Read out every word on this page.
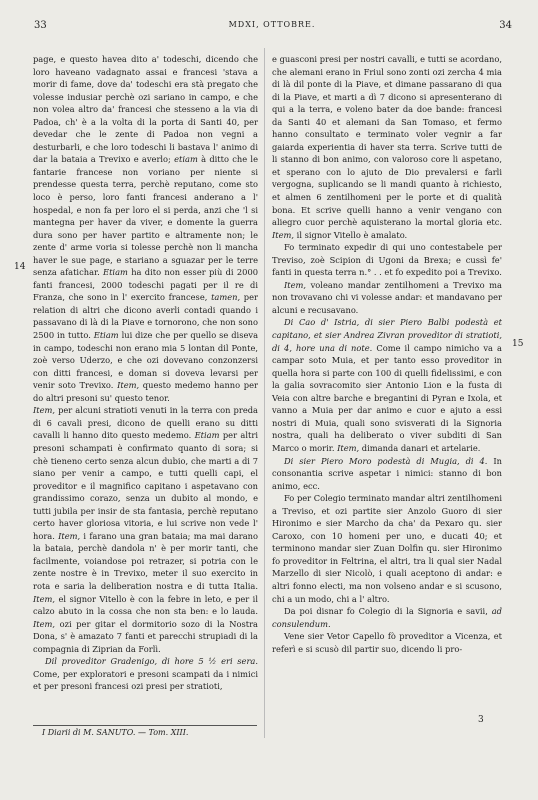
33	MDXI, OTTOBRE.	34
14
15

page, e questo havea dito a' todeschi, dicendo che loro haveano vadagnato assai e francesi 'stava a morir di fame, dove da' todeschi era stà pregato che volesse indusiar perchè ozi sariano in campo, e che non volea altro da' francesi che stesseno a la via di Padoa, ch' è a la volta di la porta di Santi 40, per devedar che le zente di Padoa non vegni a desturbarli, e che loro todeschi li bastava l' animo di dar la bataia a Trevixo e averlo; etiam à ditto che le fantarie francese non voriano per niente si prendesse questa terra, perchè reputano, come sto loco è perso, loro fanti francesi anderano a l' hospedal, e non fa per loro el si perda, anzi che 'l si mantegna per haver da viver, e domente la guerra dura sono per haver partito e altramente non; le zente d' arme voria si tolesse perchè non li mancha haver le sue page, e stariano a sguazar per le terre senza afatichar. Etiam ha dito non esser più di 2000 fanti francesi, 2000 todeschi pagati per il re di Franza, che sono in l' exercito francese, tamen, per relation di altri che dicono averli contadi quando i passavano di là di la Piave e tornorono, che non sono 2500 in tutto. Etiam lui dize che per quello se diseva in campo, todeschi non erano mia 5 lontan dil Ponte, zoè verso Uderzo, e che ozi dovevano conzonzersi con ditti francesi, e doman si doveva levarsi per venir soto Trevixo. Item, questo medemo hanno per do altri presoni su' questo tenor.

Item, per alcuni stratioti venuti in la terra con preda di 6 cavali presi, dicono de quelli erano su ditti cavalli li hanno dito questo medemo. Etiam per altri presoni schampati è confirmato quanto di sora; si chè tieneno certo senza alcun dubio, che marti a di 7 siano per venir a campo, e tutti quelli capi, el proveditor e il magnifico capitano i aspetavano con grandissimo corazo, senza un dubito al mondo, e tutti jubila per insir de sta fantasia, perchè reputano certo haver gloriosa vitoria, e lui scrive non vede l' hora. Item, i farano una gran bataia; ma mai darano la bataia, perchè dandola n' è per morir tanti, che facilmente, voiandose poi retrazer, si potria con le zente nostre è in Trevixo, meter il suo exercito in rota e saria la deliberation nostra e di tutta Italia. Item, el signor Vitello è con la febre in leto, e per il calzo abuto in la cossa che non sta ben: e lo lauda. Item, ozi per gitar el dormitorio sozo di la Nostra Dona, s' è amazato 7 fanti et parecchi strupiadi di la compagnia di Ziprian da Forlì.

Dil proveditor Gradenigo, di hore 5 ½ eri sera. Come, per exploratori e presoni scampati da i nimici et per presoni francesi ozi presi per stratioti,

e guasconi presi per nostri cavalli, e tutti se acordano, che alemani erano in Friul sono zonti ozi zercha 4 mia di là dil ponte di la Piave, et dimane passarano di qua di la Piave, et marti a dì 7 dicono si apresenterano di qui a la terra, e voleno bater da doe bande: francesi da Santi 40 et alemani da San Tomaso, et fermo hanno consultato e terminato voler vegnir a far gaiarda experientia di haver sta terra. Scrive tutti de li stanno di bon animo, con valoroso core li aspetano, et sperano con lo ajuto de Dio prevalersi e farli vergogna, suplicando se li mandi quanto à richiesto, et almen 6 zentilhomeni per le porte et di qualità bona. Et scrive quelli hanno a venir vengano con aliegro cuor perchè aquisterano la mortal gloria etc. Item, il signor Vitello è amalato.

Fo terminato expedir di qui uno contestabele per Treviso, zoè Scipion di Ugoni da Brexa; e cussì fe' fanti in questa terra n.° . . et fo expedito poi a Trevixo.

Item, voleano mandar zentilhomeni a Trevixo ma non trovavano chi vi volesse andar: et mandavano per alcuni e recusavano.

Di Cao d' Istria, di sier Piero Balbi podestà et capitano, et sier Andrea Zivran proveditor di stratioti, di 4, hore una di note. Come il campo nimicho va a campar soto Muia, et per tanto esso proveditor in quella hora si parte con 100 di quelli fidelissimi, e con la galia sovracomito sier Antonio Lion e la fusta di Veia con altre barche e bregantini di Pyran e Ixola, et vanno a Muia per dar animo e cuor e ajuto a essi nostri di Muia, quali sono svisverati di la Signoria nostra, quali ha deliberato o viver subditi di San Marco o morir. Item, dimanda danari et artelarie.

Di sier Piero Moro podestà di Mugia, di 4. In consonantia scrive aspetar i nimici: stanno di bon animo, ecc.

Fo per Colegio terminato mandar altri zentilhomeni a Treviso, et ozi partite sier Anzolo Guoro di sier Hironimo e sier Marcho da cha' da Pexaro qu. sier Caroxo, con 10 homeni per uno, e ducati 40; et terminono mandar sier Zuan Dolfin qu. sier Hironimo fo proveditor in Feltrina, el altri, tra li qual sier Nadal Marzello di sier Nicolò, i quali aceptono di andar: e altri fonno electi, ma non volseno andar e si scusono, chi a un modo, chi a l' altro.

Da poi disnar fo Colegio di la Signoria e savii, ad consulendum.

Vene sier Vetor Capello fò proveditor a Vicenza, et referì e si scusò dil partir suo, dicendo li pro-

I Diarii di M. SANUTO. — Tom. XIII.
3
